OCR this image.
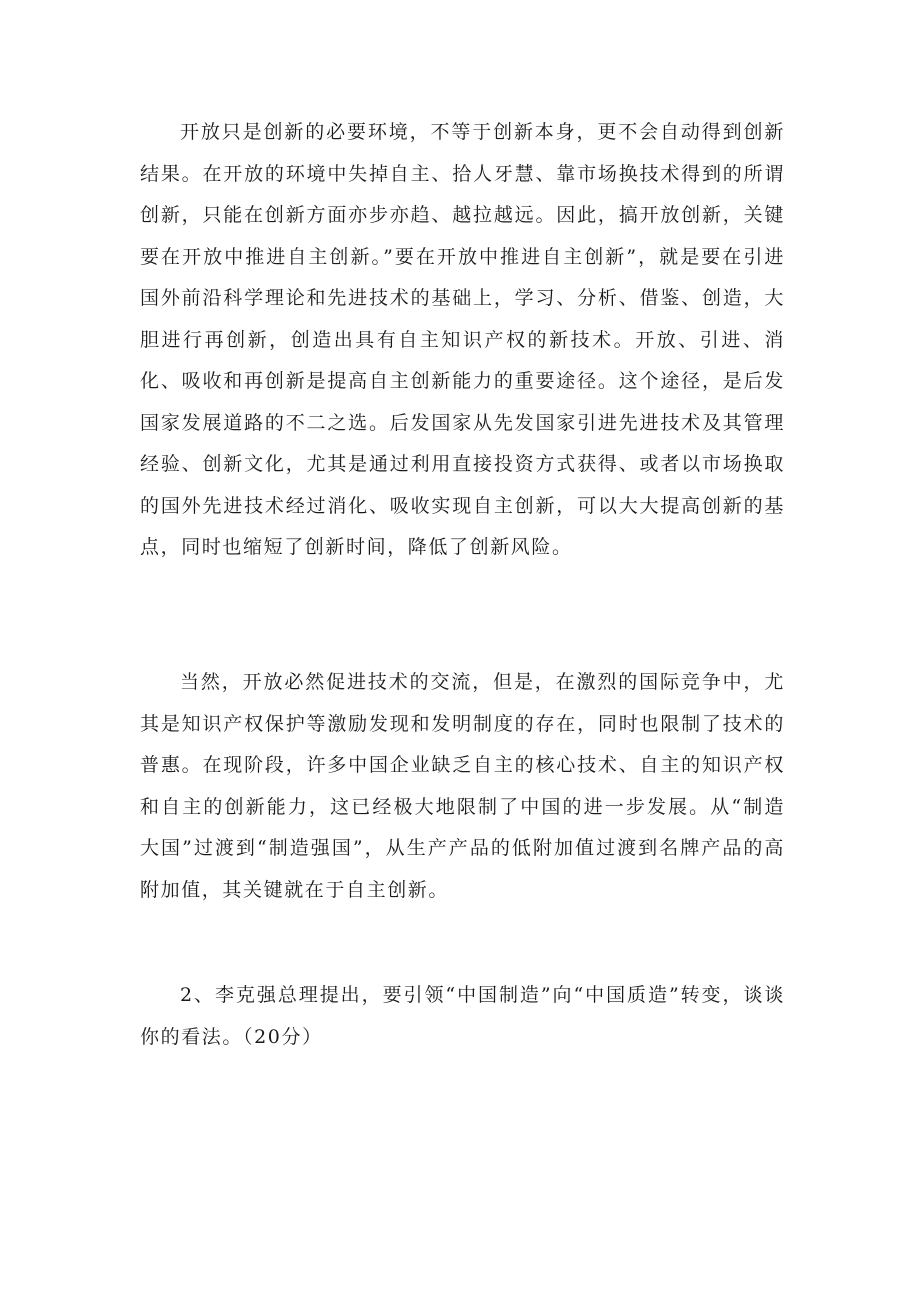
开放只是创新的必要环境，不等于创新本身，更不会自动得到创新结果。在开放的环境中失掉自主、拾人牙慧、靠市场换技术得到的所谓创新，只能在创新方面亦步亦趋、越拉越远。因此，搞开放创新，关键要在开放中推进自主创新。”要在开放中推进自主创新”，就是要在引进国外前沿科学理论和先进技术的基础上，学习、分析、借鉴、创造，大胆进行再创新，创造出具有自主知识产权的新技术。开放、引进、消化、吸收和再创新是提高自主创新能力的重要途径。这个途径，是后发国家发展道路的不二之选。后发国家从先发国家引进先进技术及其管理经验、创新文化，尤其是通过利用直接投资方式获得、或者以市场换取的国外先进技术经过消化、吸收实现自主创新，可以大大提高创新的基点，同时也缩短了创新时间，降低了创新风险。

当然，开放必然促进技术的交流，但是，在激烈的国际竞争中，尤其是知识产权保护等激励发现和发明制度的存在，同时也限制了技术的普惠。在现阶段，许多中国企业缺乏自主的核心技术、自主的知识产权和自主的创新能力，这已经极大地限制了中国的进一步发展。从“制造大国”过渡到“制造强国”，从生产产品的低附加值过渡到名牌产品的高附加值，其关键就在于自主创新。

2、李克强总理提出，要引领“中国制造”向“中国质造”转变，谈谈你的看法。（20分）
